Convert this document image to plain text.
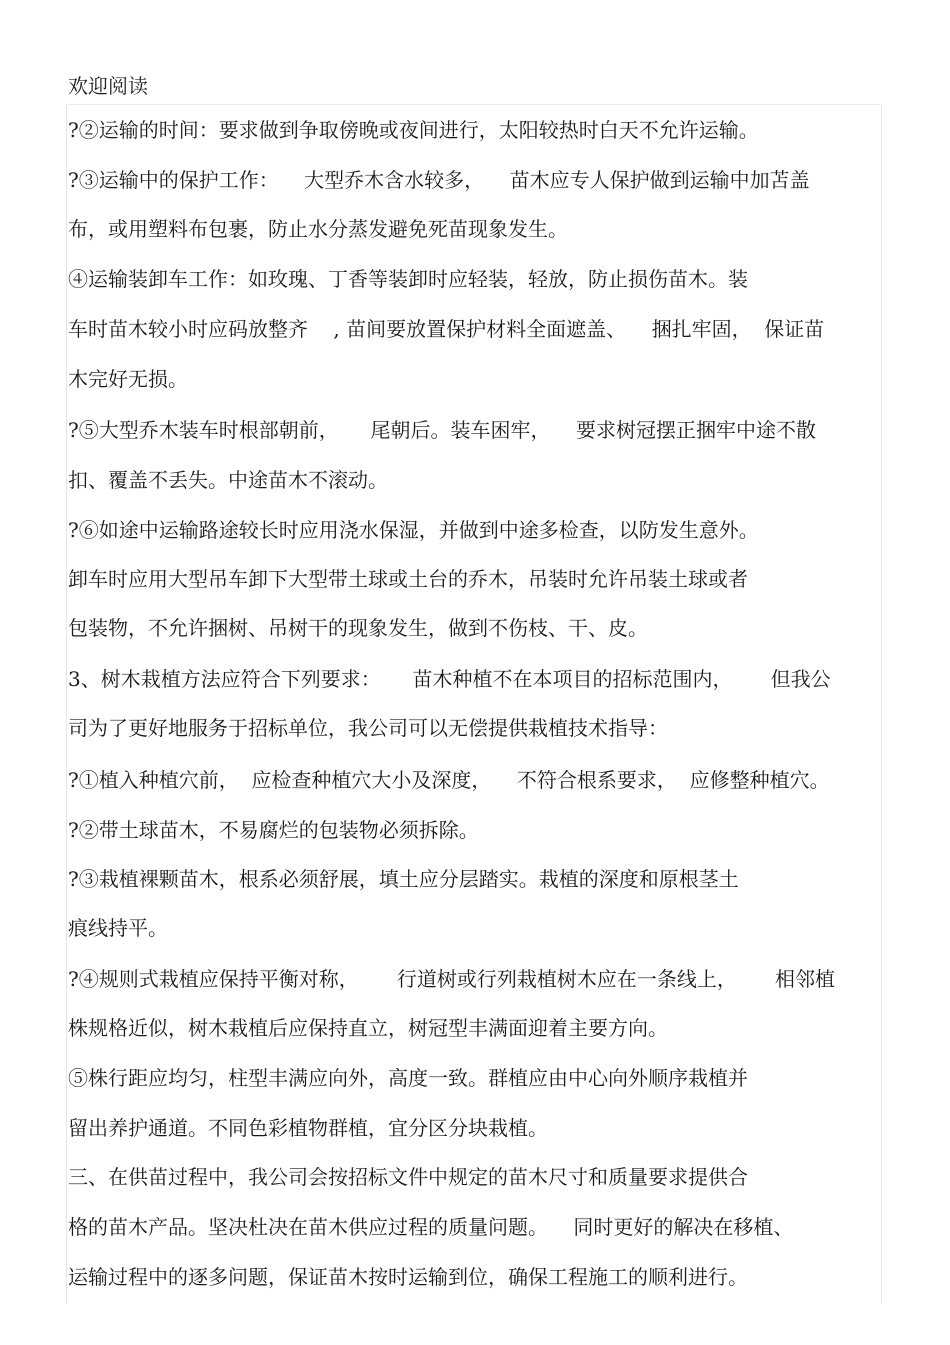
欢迎阅读
?②运输的时间：要求做到争取傍晚或夜间进行，太阳较热时白天不允许运输。
?③运输中的保护工作：    大型乔木含水较多，    苗木应专人保护做到运输中加苫盖
布，或用塑料布包裹，防止水分蒸发避免死苗现象发生。
④运输装卸车工作：如玫瑰、丁香等装卸时应轻装，轻放，防止损伤苗木。装
车时苗木较小时应码放整齐    , 苗间要放置保护材料全面遮盖、    捆扎牢固，  保证苗
木完好无损。
?⑤大型乔木装车时根部朝前，     尾朝后。装车困牢，    要求树冠摆正捆牢中途不散
扣、覆盖不丢失。中途苗木不滚动。
?⑥如途中运输路途较长时应用浇水保湿，并做到中途多检查，以防发生意外。
卸车时应用大型吊车卸下大型带土球或土台的乔木，吊装时允许吊装土球或者
包装物，不允许捆树、吊树干的现象发生，做到不伤枝、干、皮。
3、树木栽植方法应符合下列要求：     苗木种植不在本项目的招标范围内，      但我公
司为了更好地服务于招标单位，我公司可以无偿提供栽植技术指导：
?①植入种植穴前，  应检查种植穴大小及深度，    不符合根系要求，  应修整种植穴。
?②带土球苗木，不易腐烂的包装物必须拆除。
?③栽植裸颗苗木，根系必须舒展，填土应分层踏实。栽植的深度和原根茎土
痕线持平。
?④规则式栽植应保持平衡对称，      行道树或行列栽植树木应在一条线上，      相邻植
株规格近似，树木栽植后应保持直立，树冠型丰满面迎着主要方向。
⑤株行距应均匀，柱型丰满应向外，高度一致。群植应由中心向外顺序栽植并
留出养护通道。不同色彩植物群植，宜分区分块栽植。
三、在供苗过程中，我公司会按招标文件中规定的苗木尺寸和质量要求提供合
格的苗木产品。坚决杜决在苗木供应过程的质量问题。    同时更好的解决在移植、
运输过程中的逐多问题，保证苗木按时运输到位，确保工程施工的顺利进行。
